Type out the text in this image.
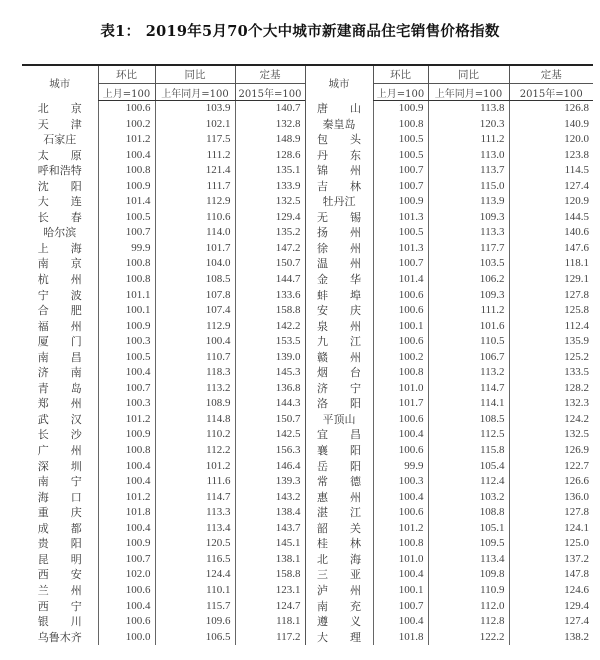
表1： 2019年5月70个大中城市新建商品住宅销售价格指数
城市	环比	同比	定基	城市	环比	同比	定基
	上月=100	上年同月=100	2015年=100		上月=100	上年同月=100	2015年=100
北京	100.6	103.9	140.7	唐山	100.9	113.8	126.8
天津	100.2	102.1	132.8	秦皇岛	100.8	120.3	140.9
石家庄	101.2	117.5	148.9	包头	100.5	111.2	120.0
太原	100.4	111.2	128.6	丹东	100.5	113.0	123.8
呼和浩特	100.8	121.4	135.1	锦州	100.7	113.7	114.5
沈阳	100.9	111.7	133.9	吉林	100.7	115.0	127.4
大连	101.4	112.9	132.5	牡丹江	100.9	113.9	120.9
长春	100.5	110.6	129.4	无锡	101.3	109.3	144.5
哈尔滨	100.7	114.0	135.2	扬州	100.5	113.3	140.6
上海	99.9	101.7	147.2	徐州	101.3	117.7	147.6
南京	100.8	104.0	150.7	温州	100.7	103.5	118.1
杭州	100.8	108.5	144.7	金华	101.4	106.2	129.1
宁波	101.1	107.8	133.6	蚌埠	100.6	109.3	127.8
合肥	100.1	107.4	158.8	安庆	100.6	111.2	125.8
福州	100.9	112.9	142.2	泉州	100.1	101.6	112.4
厦门	100.3	100.4	153.5	九江	100.6	110.5	135.9
南昌	100.5	110.7	139.0	赣州	100.2	106.7	125.2
济南	100.4	118.3	145.3	烟台	100.8	113.2	133.5
青岛	100.7	113.2	136.8	济宁	101.0	114.7	128.2
郑州	100.3	108.9	144.3	洛阳	101.7	114.1	132.3
武汉	101.2	114.8	150.7	平顶山	100.6	108.5	124.2
长沙	100.9	110.2	142.5	宜昌	100.4	112.5	132.5
广州	100.8	112.2	156.3	襄阳	100.6	115.8	126.9
深圳	100.4	101.2	146.4	岳阳	99.9	105.4	122.7
南宁	100.4	111.6	139.3	常德	100.3	112.4	126.6
海口	101.2	114.7	143.2	惠州	100.4	103.2	136.0
重庆	101.8	113.3	138.4	湛江	100.6	108.8	127.8
成都	100.4	113.4	143.7	韶关	101.2	105.1	124.1
贵阳	100.9	120.5	145.1	桂林	100.8	109.5	125.0
昆明	100.7	116.5	138.1	北海	101.0	113.4	137.2
西安	102.0	124.4	158.8	三亚	100.4	109.8	147.8
兰州	100.6	110.1	123.1	泸州	100.1	110.9	124.6
西宁	100.4	115.7	124.7	南充	100.7	112.0	129.4
银川	100.6	109.6	118.1	遵义	100.4	112.8	127.4
乌鲁木齐	100.0	106.5	117.2	大理	101.8	122.2	138.2
